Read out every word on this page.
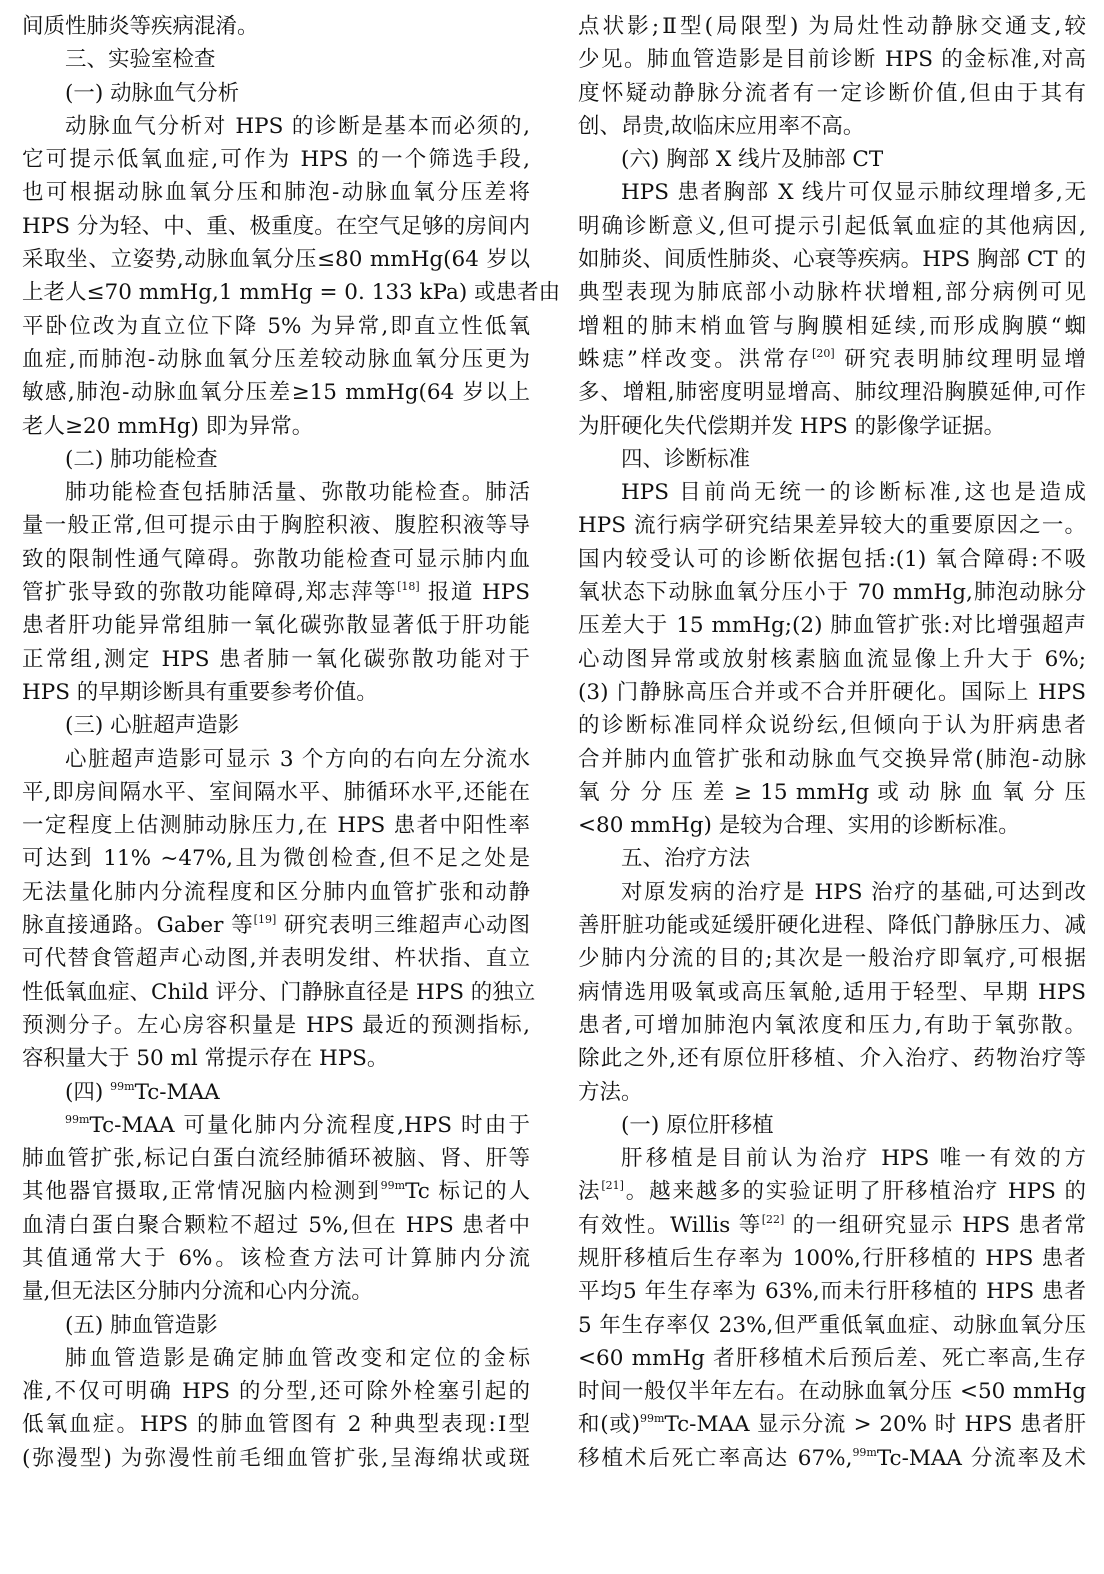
间质性肺炎等疾病混淆。
三、实验室检查
(一) 动脉血气分析
动脉血气分析对 HPS 的诊断是基本而必须的,
它可提示低氧血症,可作为 HPS 的一个筛选手段,
也可根据动脉血氧分压和肺泡-动脉血氧分压差将
HPS 分为轻、中、重、极重度。在空气足够的房间内
采取坐、立姿势,动脉血氧分压≤80 mmHg(64 岁以
上老人≤70 mmHg,1 mmHg = 0. 133 kPa) 或患者由
平卧位改为直立位下降 5% 为异常,即直立性低氧
血症,而肺泡-动脉血氧分压差较动脉血氧分压更为
敏感,肺泡-动脉血氧分压差≥15 mmHg(64 岁以上
老人≥20 mmHg) 即为异常。
(二) 肺功能检查
肺功能检查包括肺活量、弥散功能检查。肺活
量一般正常,但可提示由于胸腔积液、腹腔积液等导
致的限制性通气障碍。弥散功能检查可显示肺内血
管扩张导致的弥散功能障碍,郑志萍等[18] 报道 HPS
患者肝功能异常组肺一氧化碳弥散显著低于肝功能
正常组,测定 HPS 患者肺一氧化碳弥散功能对于
HPS 的早期诊断具有重要参考价值。
(三) 心脏超声造影
心脏超声造影可显示 3 个方向的右向左分流水
平,即房间隔水平、室间隔水平、肺循环水平,还能在
一定程度上估测肺动脉压力,在 HPS 患者中阳性率
可达到 11% ~47%,且为微创检查,但不足之处是
无法量化肺内分流程度和区分肺内血管扩张和动静
脉直接通路。Gaber 等[19] 研究表明三维超声心动图
可代替食管超声心动图,并表明发绀、杵状指、直立
性低氧血症、Child 评分、门静脉直径是 HPS 的独立
预测分子。左心房容积量是 HPS 最近的预测指标,
容积量大于 50 ml 常提示存在 HPS。
(四) $^{99m}$Tc-MAA
$^{99m}$Tc-MAA 可量化肺内分流程度,HPS 时由于
肺血管扩张,标记白蛋白流经肺循环被脑、肾、肝等
其他器官摄取,正常情况脑内检测到$^{99m}$Tc 标记的人
血清白蛋白聚合颗粒不超过 5%,但在 HPS 患者中
其值通常大于 6%。该检查方法可计算肺内分流
量,但无法区分肺内分流和心内分流。
(五) 肺血管造影
肺血管造影是确定肺血管改变和定位的金标
准,不仅可明确 HPS 的分型,还可除外栓塞引起的
低氧血症。HPS 的肺血管图有 2 种典型表现:Ⅰ型
(弥漫型) 为弥漫性前毛细血管扩张,呈海绵状或斑
点状影;Ⅱ型(局限型) 为局灶性动静脉交通支,较
少见。肺血管造影是目前诊断 HPS 的金标准,对高
度怀疑动静脉分流者有一定诊断价值,但由于其有
创、昂贵,故临床应用率不高。
(六) 胸部 X 线片及肺部 CT
HPS 患者胸部 X 线片可仅显示肺纹理增多,无
明确诊断意义,但可提示引起低氧血症的其他病因,
如肺炎、间质性肺炎、心衰等疾病。HPS 胸部 CT 的
典型表现为肺底部小动脉杵状增粗,部分病例可见
增粗的肺末梢血管与胸膜相延续,而形成胸膜“蜘
蛛痣”样改变。洪常存[20] 研究表明肺纹理明显增
多、增粗,肺密度明显增高、肺纹理沿胸膜延伸,可作
为肝硬化失代偿期并发 HPS 的影像学证据。
四、诊断标准
HPS 目前尚无统一的诊断标准,这也是造成
HPS 流行病学研究结果差异较大的重要原因之一。
国内较受认可的诊断依据包括:(1) 氧合障碍:不吸
氧状态下动脉血氧分压小于 70 mmHg,肺泡动脉分
压差大于 15 mmHg;(2) 肺血管扩张:对比增强超声
心动图异常或放射核素脑血流显像上升大于 6%;
(3) 门静脉高压合并或不合并肝硬化。国际上 HPS
的诊断标准同样众说纷纭,但倾向于认为肝病患者
合并肺内血管扩张和动脉血气交换异常(肺泡-动脉
氧 分 分 压 差 ≥ 15 mmHg 或 动 脉 血 氧 分 压
<80 mmHg) 是较为合理、实用的诊断标准。
五、治疗方法
对原发病的治疗是 HPS 治疗的基础,可达到改
善肝脏功能或延缓肝硬化进程、降低门静脉压力、减
少肺内分流的目的;其次是一般治疗即氧疗,可根据
病情选用吸氧或高压氧舱,适用于轻型、早期 HPS
患者,可增加肺泡内氧浓度和压力,有助于氧弥散。
除此之外,还有原位肝移植、介入治疗、药物治疗等
方法。
(一) 原位肝移植
肝移植是目前认为治疗 HPS 唯一有效的方
法[21]。越来越多的实验证明了肝移植治疗 HPS 的
有效性。Willis 等[22] 的一组研究显示 HPS 患者常
规肝移植后生存率为 100%,行肝移植的 HPS 患者
平均5 年生存率为 63%,而未行肝移植的 HPS 患者
5 年生存率仅 23%,但严重低氧血症、动脉血氧分压
<60 mmHg 者肝移植术后预后差、死亡率高,生存
时间一般仅半年左右。在动脉血氧分压 <50 mmHg
和(或)$^{99m}$Tc-MAA 显示分流 > 20% 时 HPS 患者肝
移植术后死亡率高达 67%,$^{99m}$Tc-MAA 分流率及术
